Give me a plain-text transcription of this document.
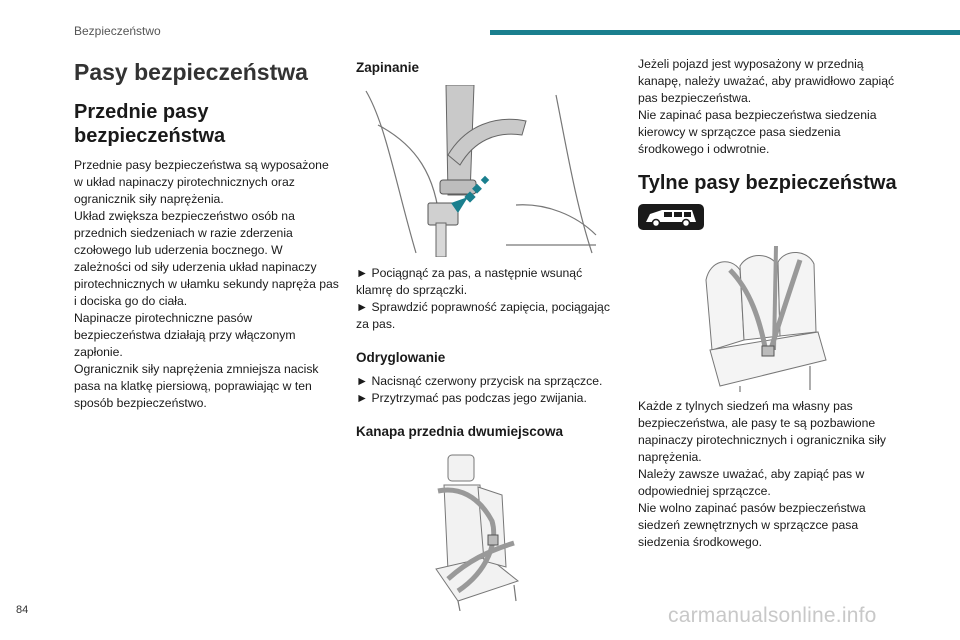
Bezpieczeństwo
84	carmanualsonline.info
Pasy bezpieczeństwa
Przednie pasy
bezpieczeństwa

Przednie pasy bezpieczeństwa są wyposażone

w układ napinaczy pirotechnicznych oraz

ogranicznik siły naprężenia.

Układ zwiększa bezpieczeństwo osób na

przednich siedzeniach w razie zderzenia

czołowego lub uderzenia bocznego. W

zależności od siły uderzenia układ napinaczy

pirotechnicznych w ułamku sekundy napręża pas

i dociska go do ciała.

Napinacze pirotechniczne pasów

bezpieczeństwa działają przy włączonym

zapłonie.

Ogranicznik siły naprężenia zmniejsza nacisk

pasa na klatkę piersiową, poprawiając w ten

sposób bezpieczeństwo.

Zapinanie

► Pociągnąć za pas, a następnie wsunąć

klamrę do sprzączki.

► Sprawdzić poprawność zapięcia, pociągając

za pas.

Odryglowanie

► Nacisnąć czerwony przycisk na sprzączce.

► Przytrzymać pas podczas jego zwijania.

Kanapa przednia dwumiejscowa

Jeżeli pojazd jest wyposażony w przednią

kanapę, należy uważać, aby prawidłowo zapiąć

pas bezpieczeństwa.

Nie zapinać pasa bezpieczeństwa siedzenia

kierowcy w sprzączce pasa siedzenia

środkowego i odwrotnie.

Tylne pasy bezpieczeństwa

Każde z tylnych siedzeń ma własny pas

bezpieczeństwa, ale pasy te są pozbawione

napinaczy pirotechnicznych i ogranicznika siły

naprężenia.

Należy zawsze uważać, aby zapiąć pas w

odpowiedniej sprzączce.

Nie wolno zapinać pasów bezpieczeństwa

siedzeń zewnętrznych w sprzączce pasa

siedzenia środkowego.
